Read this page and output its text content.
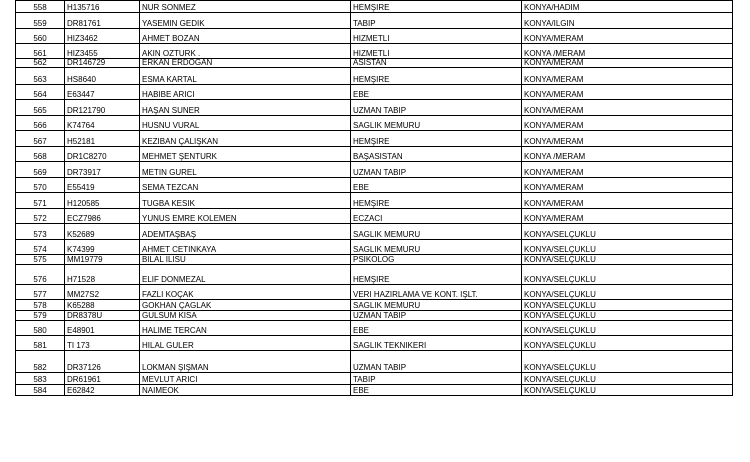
558	H135716	NUR SONMEZ	HEMŞIRE	KONYA/HADIM
559	DR81761	YASEMIN GEDIK	TABIP	KONYA/ILGIN
560	HIZ3462	AHMET BOZAN	HIZMETLI	KONYA/MERAM
561	HIZ3455	AKIN OZTURK .	HIZMETLI	KONYA /MERAM
562	DR146729	ERKAN ERDOGAN	ASISTAN	KONYA/MERAM
563	HS8640	ESMA KARTAL	HEMŞIRE	KONYA/MERAM
564	E63447	HABIBE ARICI	EBE	KONYA/MERAM
565	DR121790	HAŞAN SUNER	UZMAN TABIP	KONYA/MERAM
566	K74764	HUSNU VURAL	SAGLIK MEMURU	KONYA/MERAM
567	H52181	KEZIBAN ÇALIŞKAN	HEMŞIRE	KONYA/MERAM
568	DR1C8270	MEHMET ŞENTURK	BAŞASISTAN	KONYA /MERAM
569	DR73917	METIN GUREL	UZMAN TABIP	KONYA/MERAM
570	E55419	SEMA TEZCAN	EBE	KONYA/MERAM
571	H120585	TUGBA KESIK	HEMŞIRE	KONYA/MERAM
572	ECZ7986	YUNUS EMRE KOLEMEN	ECZACI	KONYA/MERAM
573	K52689	ADEMTAŞBAŞ	SAGLIK MEMURU	KONYA/SELÇUKLU
574	K74399	AHMET CETINKAYA	SAGLIK MEMURU	KONYA/SELÇUKLU
575	MM19779	BILAL ILISU	PSIKOLOG	KONYA/SELÇUKLU
576	H71528	ELIF DONMEZAL	HEMŞIRE	KONYA/SELÇUKLU
577	MM27S2	FAZLI KOÇAK	VERI HAZIRLAMA VE KONT. IŞLT.	KONYA/SELÇUKLU
578	K65288	GOKHAN ÇAGLAK	SAGLIK MEMURU	KONYA/SELÇUKLU
579	DR8378U	GULSUM KISA	UZMAN TABIP	KONYA/SELÇUKLU
580	E48901	HALIME TERCAN	EBE	KONYA/SELÇUKLU
581	TI 173	HILAL GULER	SAGLIK TEKNIKERI	KONYA/SELÇUKLU
582	DR37126	LOKMAN ŞIŞMAN	UZMAN TABIP	KONYA/SELÇUKLU
583	DR61961	MEVLUT ARICI	TABIP	KONYA/SELÇUKLU
584	E62842	NAIMEOK	EBE	KONYA/SELÇUKLU
